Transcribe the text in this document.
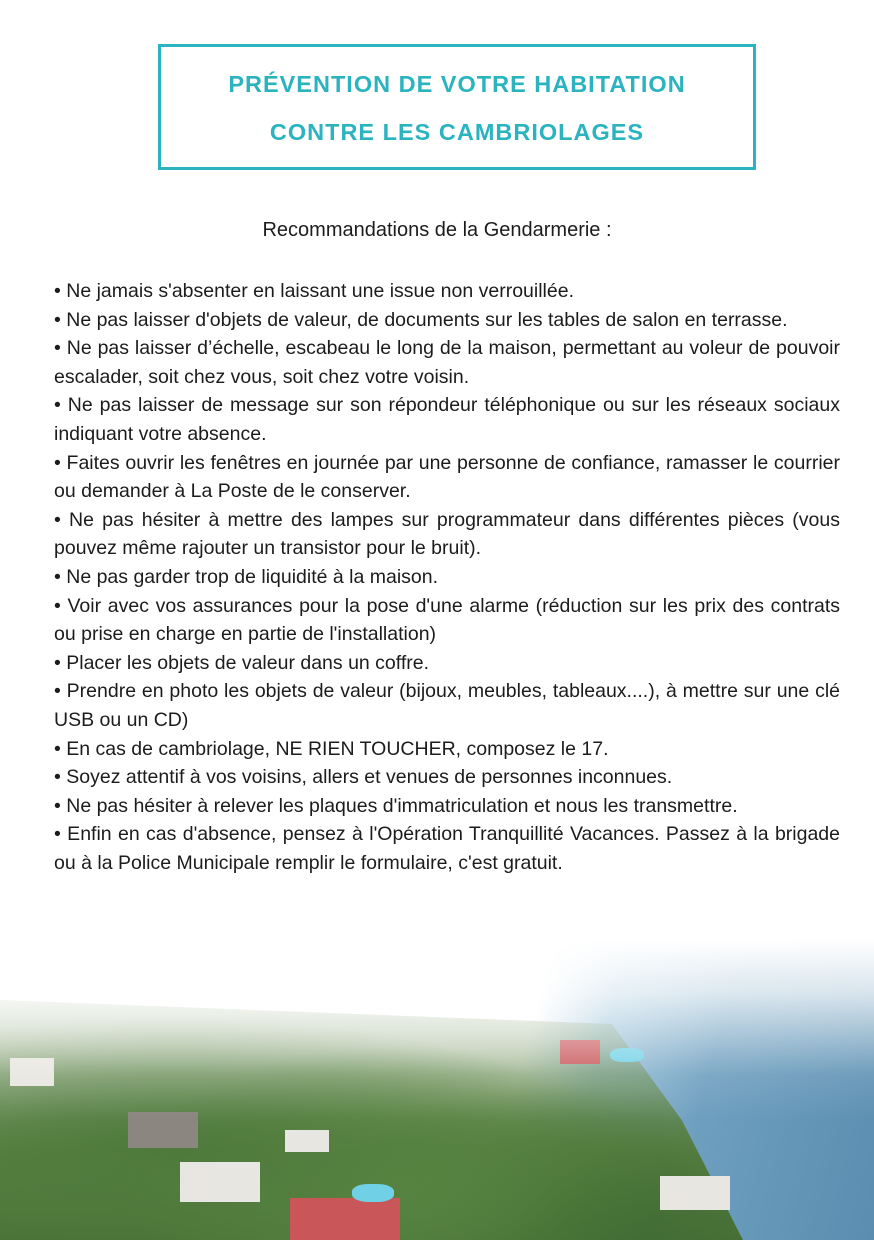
PRÉVENTION DE VOTRE HABITATION
CONTRE LES CAMBRIOLAGES
Recommandations de la Gendarmerie :

• Ne jamais s'absenter en laissant une issue non verrouillée.

• Ne pas laisser d'objets de valeur, de documents sur les tables de salon en terrasse.

• Ne pas laisser d’échelle, escabeau le long de la maison, permettant au voleur de pouvoir escalader, soit chez vous, soit chez votre voisin.

• Ne pas laisser de message sur son répondeur téléphonique ou sur les réseaux sociaux indiquant votre absence.

• Faites ouvrir les fenêtres en journée par une personne de confiance, ramasser le courrier ou demander à La Poste de le conserver.

• Ne pas hésiter à mettre des lampes sur programmateur dans différentes pièces (vous pouvez même rajouter un transistor pour le bruit).

• Ne pas garder trop de liquidité à la maison.

• Voir avec vos assurances pour la pose d'une alarme (réduction sur les prix des contrats ou prise en charge en partie de l'installation)

• Placer les objets de valeur dans un coffre.

• Prendre en photo les objets de valeur (bijoux, meubles, tableaux....), à mettre sur une clé USB ou un CD)

• En cas de cambriolage, NE RIEN TOUCHER, composez le 17.

• Soyez attentif à vos voisins, allers et venues de personnes inconnues.

• Ne pas hésiter à relever les plaques d'immatriculation et nous les transmettre.

• Enfin en cas d'absence, pensez à l'Opération Tranquillité Vacances. Passez à la brigade ou à la Police Municipale remplir le formulaire, c'est gratuit.
